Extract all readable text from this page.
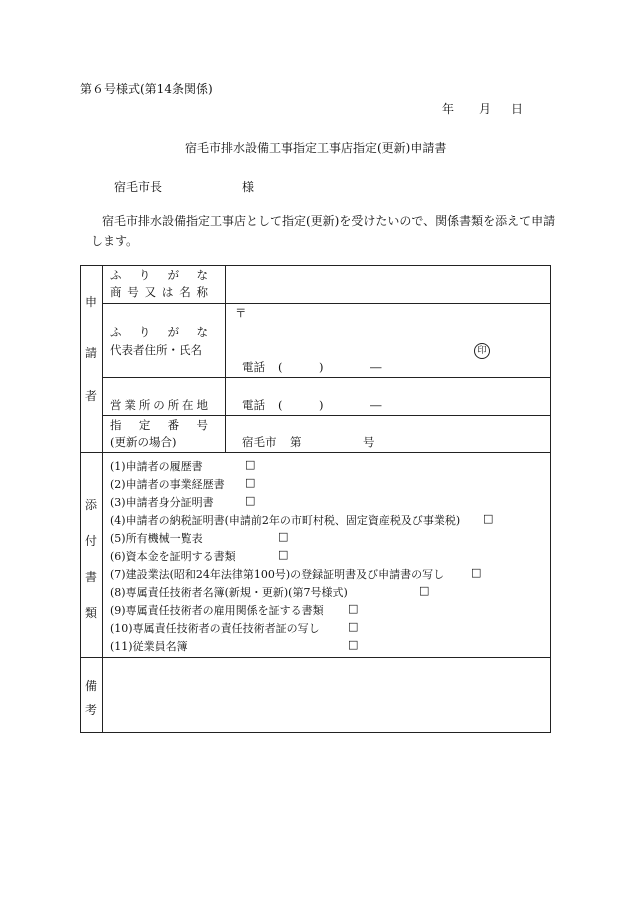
第６号様式(第14条関係)
年 月 日
宿毛市排水設備工事指定工事店指定(更新)申請書
宿毛市長	様
宿毛市排水設備指定工事店として指定(更新)を受けたいので、関係書類を添えて申請
します。
申
請
者
ふ り が な
商 号 又 は 名 称
〒
ふ り が な
代表者住所・氏名	印
電話 (	)	―
営 業 所 の 所 在 地	電話 (	)	―
指 定 番 号
(更新の場合)	宿毛市 第	号
添
付
書
類
(1)申請者の履歴書	□
(2)申請者の事業経歴書 □
(3)申請者身分証明書	□
(4)申請者の納税証明書(申請前2年の市町村税、固定資産税及び事業税) □
(5)所有機械一覧表	□
(6)資本金を証明する書類	□
(7)建設業法(昭和24年法律第100号)の登録証明書及び申請書の写し □
(8)専属責任技術者名簿(新規・更新)(第7号様式)	□
(9)専属責任技術者の雇用関係を証する書類 □
(10)専属責任技術者の責任技術者証の写し	□
(11)従業員名簿	□
備
考
